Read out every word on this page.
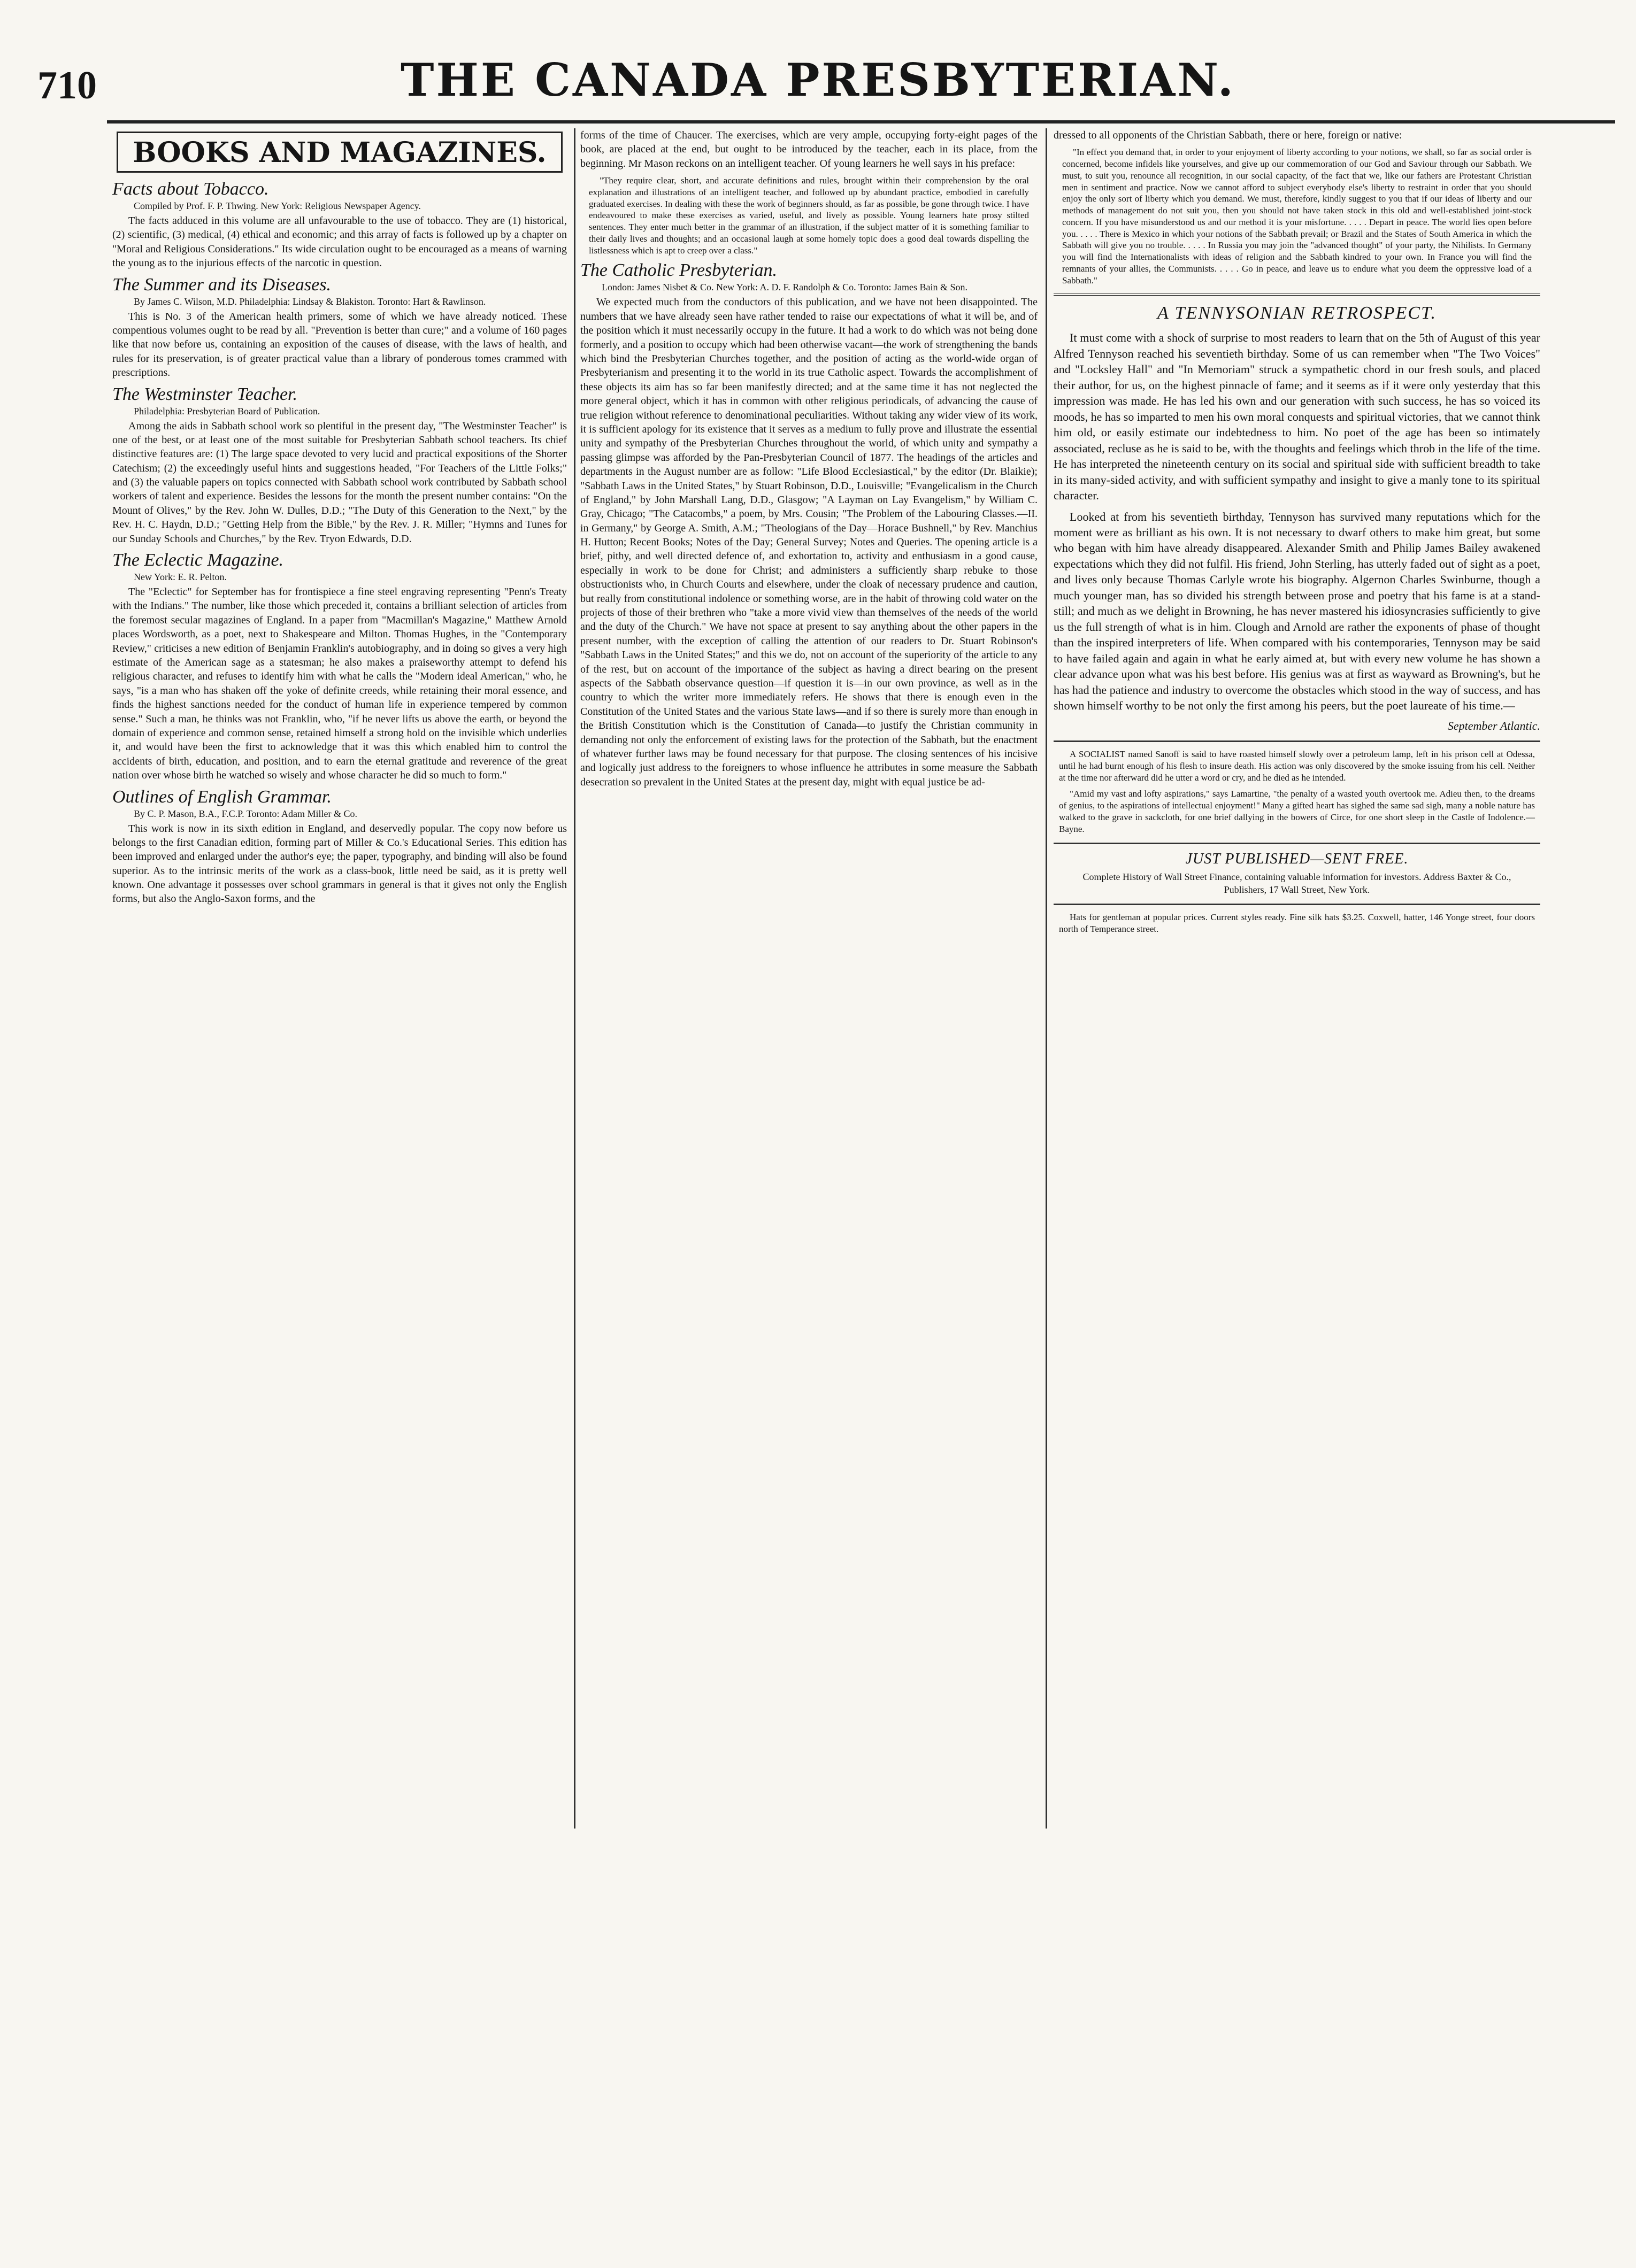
710	THE CANADA PRESBYTERIAN.
BOOKS AND MAGAZINES.
Facts about Tobacco.
Compiled by Prof. F. P. Thwing. New York: Religious Newspaper Agency.

The facts adduced in this volume are all unfavourable to the use of tobacco. They are (1) historical, (2) scientific, (3) medical, (4) ethical and economic; and this array of facts is followed up by a chapter on "Moral and Religious Considerations." Its wide circulation ought to be encouraged as a means of warning the young as to the injurious effects of the narcotic in question.

The Summer and its Diseases.
By James C. Wilson, M.D. Philadelphia: Lindsay & Blakiston. Toronto: Hart & Rawlinson.

This is No. 3 of the American health primers, some of which we have already noticed. These compentious volumes ought to be read by all. "Prevention is better than cure;" and a volume of 160 pages like that now before us, containing an exposition of the causes of disease, with the laws of health, and rules for its preservation, is of greater practical value than a library of ponderous tomes crammed with prescriptions.

The Westminster Teacher.
Philadelphia: Presbyterian Board of Publication.

Among the aids in Sabbath school work so plentiful in the present day, "The Westminster Teacher" is one of the best, or at least one of the most suitable for Presbyterian Sabbath school teachers. Its chief distinctive features are: (1) The large space devoted to very lucid and practical expositions of the Shorter Catechism; (2) the exceedingly useful hints and suggestions headed, "For Teachers of the Little Folks;" and (3) the valuable papers on topics connected with Sabbath school work contributed by Sabbath school workers of talent and experience. Besides the lessons for the month the present number contains: "On the Mount of Olives," by the Rev. John W. Dulles, D.D.; "The Duty of this Generation to the Next," by the Rev. H. C. Haydn, D.D.; "Getting Help from the Bible," by the Rev. J. R. Miller; "Hymns and Tunes for our Sunday Schools and Churches," by the Rev. Tryon Edwards, D.D.

The Eclectic Magazine.
New York: E. R. Pelton.

The "Eclectic" for September has for frontispiece a fine steel engraving representing "Penn's Treaty with the Indians." The number, like those which preceded it, contains a brilliant selection of articles from the foremost secular magazines of England. In a paper from "Macmillan's Magazine," Matthew Arnold places Wordsworth, as a poet, next to Shakespeare and Milton. Thomas Hughes, in the "Contemporary Review," criticises a new edition of Benjamin Franklin's autobiography, and in doing so gives a very high estimate of the American sage as a statesman; he also makes a praiseworthy attempt to defend his religious character, and refuses to identify him with what he calls the "Modern ideal American," who, he says, "is a man who has shaken off the yoke of definite creeds, while retaining their moral essence, and finds the highest sanctions needed for the conduct of human life in experience tempered by common sense." Such a man, he thinks was not Franklin, who, "if he never lifts us above the earth, or beyond the domain of experience and common sense, retained himself a strong hold on the invisible which underlies it, and would have been the first to acknowledge that it was this which enabled him to control the accidents of birth, education, and position, and to earn the eternal gratitude and reverence of the great nation over whose birth he watched so wisely and whose character he did so much to form."

Outlines of English Grammar.
By C. P. Mason, B.A., F.C.P. Toronto: Adam Miller & Co.

This work is now in its sixth edition in England, and deservedly popular. The copy now before us belongs to the first Canadian edition, forming part of Miller & Co.'s Educational Series. This edition has been improved and enlarged under the author's eye; the paper, typography, and binding will also be found superior. As to the intrinsic merits of the work as a class-book, little need be said, as it is pretty well known. One advantage it possesses over school grammars in general is that it gives not only the English forms, but also the Anglo-Saxon forms, and the

forms of the time of Chaucer. The exercises, which are very ample, occupying forty-eight pages of the book, are placed at the end, but ought to be introduced by the teacher, each in its place, from the beginning. Mr Mason reckons on an intelligent teacher. Of young learners he well says in his preface:

"They require clear, short, and accurate definitions and rules, brought within their comprehension by the oral explanation and illustrations of an intelligent teacher, and followed up by abundant practice, embodied in carefully graduated exercises. In dealing with these the work of beginners should, as far as possible, be gone through twice. I have endeavoured to make these exercises as varied, useful, and lively as possible. Young learners hate prosy stilted sentences. They enter much better in the grammar of an illustration, if the subject matter of it is something familiar to their daily lives and thoughts; and an occasional laugh at some homely topic does a good deal towards dispelling the listlessness which is apt to creep over a class."

The Catholic Presbyterian.
London: James Nisbet & Co. New York: A. D. F. Randolph & Co. Toronto: James Bain & Son.

We expected much from the conductors of this publication, and we have not been disappointed. The numbers that we have already seen have rather tended to raise our expectations of what it will be, and of the position which it must necessarily occupy in the future. It had a work to do which was not being done formerly, and a position to occupy which had been otherwise vacant—the work of strengthening the bands which bind the Presbyterian Churches together, and the position of acting as the world-wide organ of Presbyterianism and presenting it to the world in its true Catholic aspect. Towards the accomplishment of these objects its aim has so far been manifestly directed; and at the same time it has not neglected the more general object, which it has in common with other religious periodicals, of advancing the cause of true religion without reference to denominational peculiarities. Without taking any wider view of its work, it is sufficient apology for its existence that it serves as a medium to fully prove and illustrate the essential unity and sympathy of the Presbyterian Churches throughout the world, of which unity and sympathy a passing glimpse was afforded by the Pan-Presbyterian Council of 1877. The headings of the articles and departments in the August number are as follow: "Life Blood Ecclesiastical," by the editor (Dr. Blaikie); "Sabbath Laws in the United States," by Stuart Robinson, D.D., Louisville; "Evangelicalism in the Church of England," by John Marshall Lang, D.D., Glasgow; "A Layman on Lay Evangelism," by William C. Gray, Chicago; "The Catacombs," a poem, by Mrs. Cousin; "The Problem of the Labouring Classes.—II. in Germany," by George A. Smith, A.M.; "Theologians of the Day—Horace Bushnell," by Rev. Manchius H. Hutton; Recent Books; Notes of the Day; General Survey; Notes and Queries. The opening article is a brief, pithy, and well directed defence of, and exhortation to, activity and enthusiasm in a good cause, especially in work to be done for Christ; and administers a sufficiently sharp rebuke to those obstructionists who, in Church Courts and elsewhere, under the cloak of necessary prudence and caution, but really from constitutional indolence or something worse, are in the habit of throwing cold water on the projects of those of their brethren who "take a more vivid view than themselves of the needs of the world and the duty of the Church." We have not space at present to say anything about the other papers in the present number, with the exception of calling the attention of our readers to Dr. Stuart Robinson's "Sabbath Laws in the United States;" and this we do, not on account of the superiority of the article to any of the rest, but on account of the importance of the subject as having a direct bearing on the present aspects of the Sabbath observance question—if question it is—in our own province, as well as in the country to which the writer more immediately refers. He shows that there is enough even in the Constitution of the United States and the various State laws—and if so there is surely more than enough in the British Constitution which is the Constitution of Canada—to justify the Christian community in demanding not only the enforcement of existing laws for the protection of the Sabbath, but the enactment of whatever further laws may be found necessary for that purpose. The closing sentences of his incisive and logically just address to the foreigners to whose influence he attributes in some measure the Sabbath desecration so prevalent in the United States at the present day, might with equal justice be ad-

dressed to all opponents of the Christian Sabbath, there or here, foreign or native:

"In effect you demand that, in order to your enjoyment of liberty according to your notions, we shall, so far as social order is concerned, become infidels like yourselves, and give up our commemoration of our God and Saviour through our Sabbath. We must, to suit you, renounce all recognition, in our social capacity, of the fact that we, like our fathers are Protestant Christian men in sentiment and practice. Now we cannot afford to subject everybody else's liberty to restraint in order that you should enjoy the only sort of liberty which you demand. We must, therefore, kindly suggest to you that if our ideas of liberty and our methods of management do not suit you, then you should not have taken stock in this old and well-established joint-stock concern. If you have misunderstood us and our method it is your misfortune. . . . . Depart in peace. The world lies open before you. . . . . There is Mexico in which your notions of the Sabbath prevail; or Brazil and the States of South America in which the Sabbath will give you no trouble. . . . . In Russia you may join the "advanced thought" of your party, the Nihilists. In Germany you will find the Internationalists with ideas of religion and the Sabbath kindred to your own. In France you will find the remnants of your allies, the Communists. . . . . Go in peace, and leave us to endure what you deem the oppressive load of a Sabbath."

A TENNYSONIAN RETROSPECT.

It must come with a shock of surprise to most readers to learn that on the 5th of August of this year Alfred Tennyson reached his seventieth birthday. Some of us can remember when "The Two Voices" and "Locksley Hall" and "In Memoriam" struck a sympathetic chord in our fresh souls, and placed their author, for us, on the highest pinnacle of fame; and it seems as if it were only yesterday that this impression was made. He has led his own and our generation with such success, he has so voiced its moods, he has so imparted to men his own moral conquests and spiritual victories, that we cannot think him old, or easily estimate our indebtedness to him. No poet of the age has been so intimately associated, recluse as he is said to be, with the thoughts and feelings which throb in the life of the time. He has interpreted the nineteenth century on its social and spiritual side with sufficient breadth to take in its many-sided activity, and with sufficient sympathy and insight to give a manly tone to its spiritual character.

Looked at from his seventieth birthday, Tennyson has survived many reputations which for the moment were as brilliant as his own. It is not necessary to dwarf others to make him great, but some who began with him have already disappeared. Alexander Smith and Philip James Bailey awakened expectations which they did not fulfil. His friend, John Sterling, has utterly faded out of sight as a poet, and lives only because Thomas Carlyle wrote his biography. Algernon Charles Swinburne, though a much younger man, has so divided his strength between prose and poetry that his fame is at a stand-still; and much as we delight in Browning, he has never mastered his idiosyncrasies sufficiently to give us the full strength of what is in him. Clough and Arnold are rather the exponents of phase of thought than the inspired interpreters of life. When compared with his contemporaries, Tennyson may be said to have failed again and again in what he early aimed at, but with every new volume he has shown a clear advance upon what was his best before. His genius was at first as wayward as Browning's, but he has had the patience and industry to overcome the obstacles which stood in the way of success, and has shown himself worthy to be not only the first among his peers, but the poet laureate of his time.—

September Atlantic.

A SOCIALIST named Sanoff is said to have roasted himself slowly over a petroleum lamp, left in his prison cell at Odessa, until he had burnt enough of his flesh to insure death. His action was only discovered by the smoke issuing from his cell. Neither at the time nor afterward did he utter a word or cry, and he died as he intended.

"Amid my vast and lofty aspirations," says Lamartine, "the penalty of a wasted youth overtook me. Adieu then, to the dreams of genius, to the aspirations of intellectual enjoyment!" Many a gifted heart has sighed the same sad sigh, many a noble nature has walked to the grave in sackcloth, for one brief dallying in the bowers of Circe, for one short sleep in the Castle of Indolence.—Bayne.

JUST PUBLISHED—SENT FREE.

Complete History of Wall Street Finance, containing valuable information for investors. Address Baxter & Co., Publishers, 17 Wall Street, New York.

Hats for gentleman at popular prices. Current styles ready. Fine silk hats $3.25. Coxwell, hatter, 146 Yonge street, four doors north of Temperance street.
